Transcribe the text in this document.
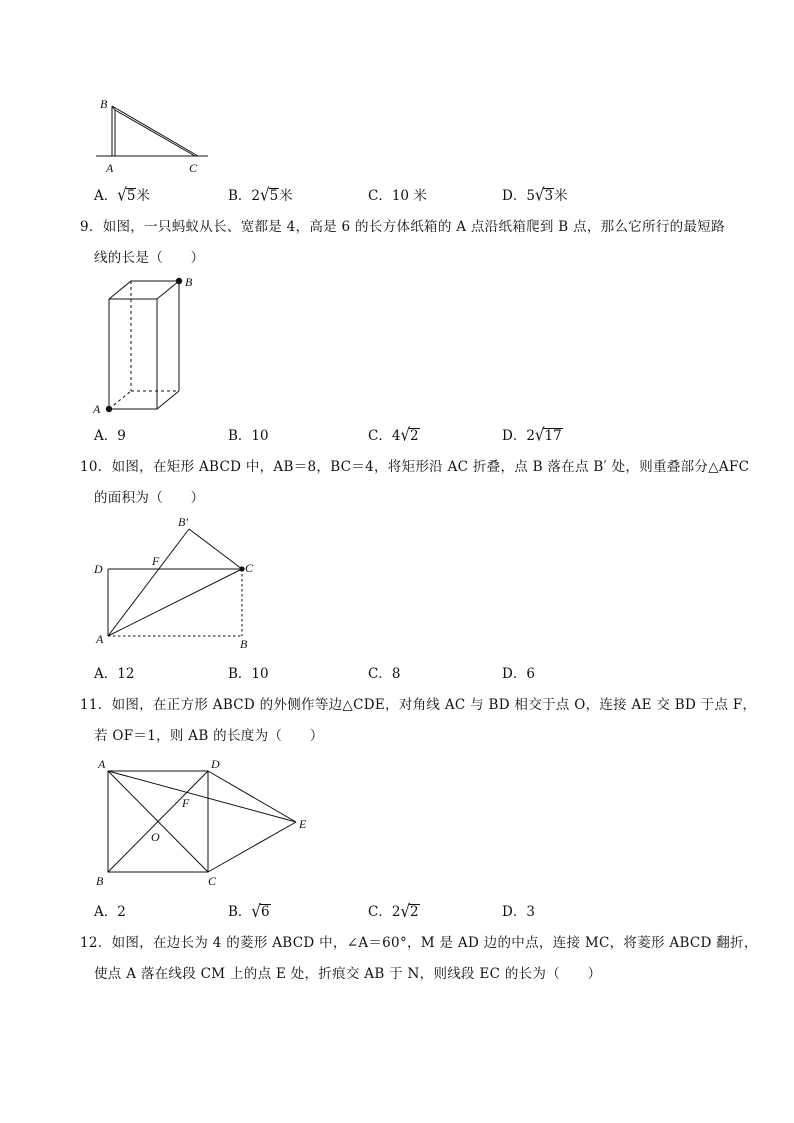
B
A	C
A．√5米	B．2√5米	C．10 米	D．5√3米
9．如图，一只蚂蚁从长、宽都是 4，高是 6 的长方体纸箱的 A 点沿纸箱爬到 B 点，那么它所行的最短路
线的长是（　　）
A
B
A．9	B．10	C．4√2	D．2√17
10．如图，在矩形 ABCD 中，AB＝8，BC＝4，将矩形沿 AC 折叠，点 B 落在点 B′ 处，则重叠部分△AFC
的面积为（　　）
B′
D
F	C
A	B
A．12	B．10	C．8	D．6
11．如图，在正方形 ABCD 的外侧作等边△CDE，对角线 AC 与 BD 相交于点 O，连接 AE 交 BD 于点 F，
若 OF＝1，则 AB 的长度为（　　）
A	D
F
E
O
B	C
A．2	B．√6	C．2√2	D．3
12．如图，在边长为 4 的菱形 ABCD 中，∠A＝60°，M 是 AD 边的中点，连接 MC，将菱形 ABCD 翻折，
使点 A 落在线段 CM 上的点 E 处，折痕交 AB 于 N，则线段 EC 的长为（　　）
